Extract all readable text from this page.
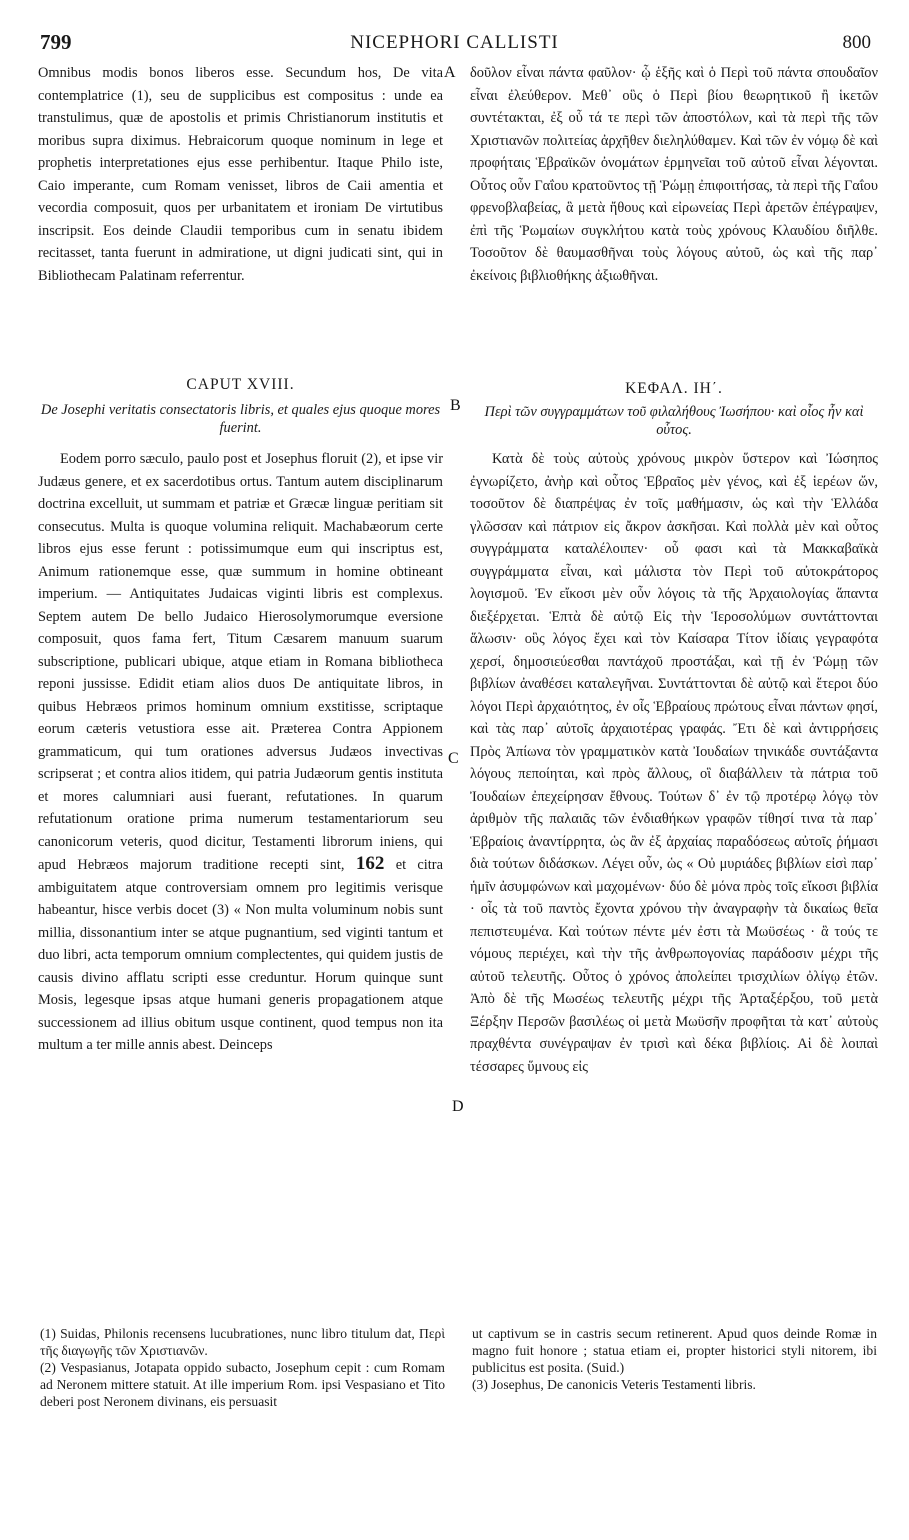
799	NICEPHORI CALLISTI	800
A
B
C
D

Omnibus modis bonos liberos esse. Secundum hos, De vita contemplatrice (1), seu de supplicibus est compositus : unde ea transtulimus, quæ de apostolis et primis Christianorum institutis et moribus supra diximus. Hebraicorum quoque nominum in lege et prophetis interpretationes ejus esse perhibentur. Itaque Philo iste, Caio imperante, cum Romam venisset, libros de Caii amentia et vecordia composuit, quos per urbanitatem et ironiam De virtutibus inscripsit. Eos deinde Claudii temporibus cum in senatu ibidem recitasset, tanta fuerunt in admiratione, ut digni judicati sint, qui in Bibliothecam Palatinam referrentur.

CAPUT XVIII.
De Josephi veritatis consectatoris libris, et quales ejus quoque mores fuerint.

Eodem porro sæculo, paulo post et Josephus floruit (2), et ipse vir Judæus genere, et ex sacerdotibus ortus. Tantum autem disciplinarum doctrina excelluit, ut summam et patriæ et Græcæ linguæ peritiam sit consecutus. Multa is quoque volumina reliquit. Machabæorum certe libros ejus esse ferunt : potissimumque eum qui inscriptus est, Animum rationemque esse, quæ summum in homine obtineant imperium. — Antiquitates Judaicas viginti libris est complexus. Septem autem De bello Judaico Hierosolymorumque eversione composuit, quos fama fert, Titum Cæsarem manuum suarum subscriptione, publicari ubique, atque etiam in Romana bibliotheca reponi jussisse. Edidit etiam alios duos De antiquitate libros, in quibus Hebræos primos hominum omnium exstitisse, scriptaque eorum cæteris vetustiora esse ait. Præterea Contra Appionem grammaticum, qui tum orationes adversus Judæos invectivas scripserat ; et contra alios itidem, qui patria Judæorum gentis instituta et mores calumniari ausi fuerant, refutationes. In quarum refutationum oratione prima numerum testamentariorum seu canonicorum veteris, quod dicitur, Testamenti librorum iniens, qui apud Hebræos majorum traditione recepti sint, 162 et citra ambiguitatem atque controversiam omnem pro legitimis verisque habeantur, hisce verbis docet (3) « Non multa voluminum nobis sunt millia, dissonantium inter se atque pugnantium, sed viginti tantum et duo libri, acta temporum omnium complectentes, qui quidem justis de causis divino afflatu scripti esse creduntur. Horum quinque sunt Mosis, legesque ipsas atque humani generis propagationem atque successionem ad illius obitum usque continent, quod tempus non ita multum a ter mille annis abest. Deinceps

δοῦλον εἶναι πάντα φαῦλον· ᾧ ἑξῆς καὶ ὁ Περὶ τοῦ πάντα σπουδαῖον εἶναι ἐλεύθερον. Μεθ᾽ οὓς ὁ Περὶ βίου θεωρητικοῦ ἢ ἱκετῶν συντέτακται, ἐξ οὗ τά τε περὶ τῶν ἀποστόλων, καὶ τὰ περὶ τῆς τῶν Χριστιανῶν πολιτείας ἀρχῆθεν διεληλύθαμεν. Καὶ τῶν ἐν νόμῳ δὲ καὶ προφήταις Ἑβραϊκῶν ὀνομάτων ἑρμηνεῖαι τοῦ αὐτοῦ εἶναι λέγονται. Οὗτος οὖν Γαΐου κρατοῦντος τῇ Ῥώμῃ ἐπιφοιτήσας, τὰ περὶ τῆς Γαΐου φρενοβλαβείας, ἃ μετὰ ἤθους καὶ εἰρωνείας Περὶ ἀρετῶν ἐπέγραψεν, ἐπὶ τῆς Ῥωμαίων συγκλήτου κατὰ τοὺς χρόνους Κλαυδίου διῆλθε. Τοσοῦτον δὲ θαυμασθῆναι τοὺς λόγους αὐτοῦ, ὡς καὶ τῆς παρ᾽ ἐκείνοις βιβλιοθήκης ἀξιωθῆναι.

ΚΕΦΑΛ. ΙΗ΄.
Περὶ τῶν συγγραμμάτων τοῦ φιλαλήθους Ἰωσήπου· καὶ οἷος ἦν καὶ οὗτος.

Κατὰ δὲ τοὺς αὐτοὺς χρόνους μικρὸν ὕστερον καὶ Ἰώσηπος ἐγνωρίζετο, ἀνὴρ καὶ οὗτος Ἑβραῖος μὲν γένος, καὶ ἐξ ἱερέων ὤν, τοσοῦτον δὲ διαπρέψας ἐν τοῖς μαθήμασιν, ὡς καὶ τὴν Ἑλλάδα γλῶσσαν καὶ πάτριον εἰς ἄκρον ἀσκῆσαι. Καὶ πολλὰ μὲν καὶ οὗτος συγγράμματα καταλέλοιπεν· οὗ φασι καὶ τὰ Μακκαβαϊκὰ συγγράμματα εἶναι, καὶ μάλιστα τὸν Περὶ τοῦ αὐτοκράτορος λογισμοῦ. Ἐν εἴκοσι μὲν οὖν λόγοις τὰ τῆς Ἀρχαιολογίας ἅπαντα διεξέρχεται. Ἑπτὰ δὲ αὐτῷ Εἰς τὴν Ἱεροσολύμων συντάττονται ἅλωσιν· οὓς λόγος ἔχει καὶ τὸν Καίσαρα Τίτον ἰδίαις γεγραφότα χερσί, δημοσιεύεσθαι παντάχοῦ προστάξαι, καὶ τῇ ἐν Ῥώμῃ τῶν βιβλίων ἀναθέσει καταλεγῆναι. Συντάττονται δὲ αὐτῷ καὶ ἕτεροι δύο λόγοι Περὶ ἀρχαιότητος, ἐν οἷς Ἑβραίους πρώτους εἶναι πάντων φησί, καὶ τὰς παρ᾽ αὐτοῖς ἀρχαιοτέρας γραφάς. Ἔτι δὲ καὶ ἀντιρρήσεις Πρὸς Ἀπίωνα τὸν γραμματικὸν κατὰ Ἰουδαίων τηνικάδε συντάξαντα λόγους πεποίηται, καὶ πρὸς ἄλλους, οἳ διαβάλλειν τὰ πάτρια τοῦ Ἰουδαίων ἐπεχείρησαν ἔθνους. Τούτων δ᾽ ἐν τῷ προτέρῳ λόγῳ τὸν ἀριθμὸν τῆς παλαιᾶς τῶν ἐνδιαθήκων γραφῶν τίθησί τινα τὰ παρ᾽ Ἑβραίοις ἀναντίρρητα, ὡς ἂν ἐξ ἀρχαίας παραδόσεως αὐτοῖς ῥήμασι διὰ τούτων διδάσκων. Λέγει οὖν, ὡς « Οὐ μυριάδες βιβλίων εἰσὶ παρ᾽ ἡμῖν ἀσυμφώνων καὶ μαχομένων· δύο δὲ μόνα πρὸς τοῖς εἴκοσι βιβλία · οἷς τὰ τοῦ παντὸς ἔχοντα χρόνου τὴν ἀναγραφὴν τὰ δικαίως θεῖα πεπιστευμένα. Καὶ τούτων πέντε μέν ἐστι τὰ Μωϋσέως · ἃ τούς τε νόμους περιέχει, καὶ τὴν τῆς ἀνθρωπογονίας παράδοσιν μέχρι τῆς αὐτοῦ τελευτῆς. Οὗτος ὁ χρόνος ἀπολείπει τρισχιλίων ὀλίγῳ ἐτῶν. Ἀπὸ δὲ τῆς Μωσέως τελευτῆς μέχρι τῆς Ἀρταξέρξου, τοῦ μετὰ Ξέρξην Περσῶν βασιλέως οἱ μετὰ Μωϋσῆν προφῆται τὰ κατ᾽ αὐτοὺς πραχθέντα συνέγραψαν ἐν τρισὶ καὶ δέκα βιβλίοις. Αἱ δὲ λοιπαὶ τέσσαρες ὕμνους εἰς

(1) Suidas, Philonis recensens lucubrationes, nunc libro titulum dat, Περὶ τῆς διαγωγῆς τῶν Χριστιανῶν.

(2) Vespasianus, Jotapata oppido subacto, Josephum cepit : cum Romam ad Neronem mittere statuit. At ille imperium Rom. ipsi Vespasiano et Tito deberi post Neronem divinans, eis persuasit

ut captivum se in castris secum retinerent. Apud quos deinde Romæ in magno fuit honore ; statua etiam ei, propter historici styli nitorem, ibi publicitus est posita. (Suid.)

(3) Josephus, De canonicis Veteris Testamenti libris.
